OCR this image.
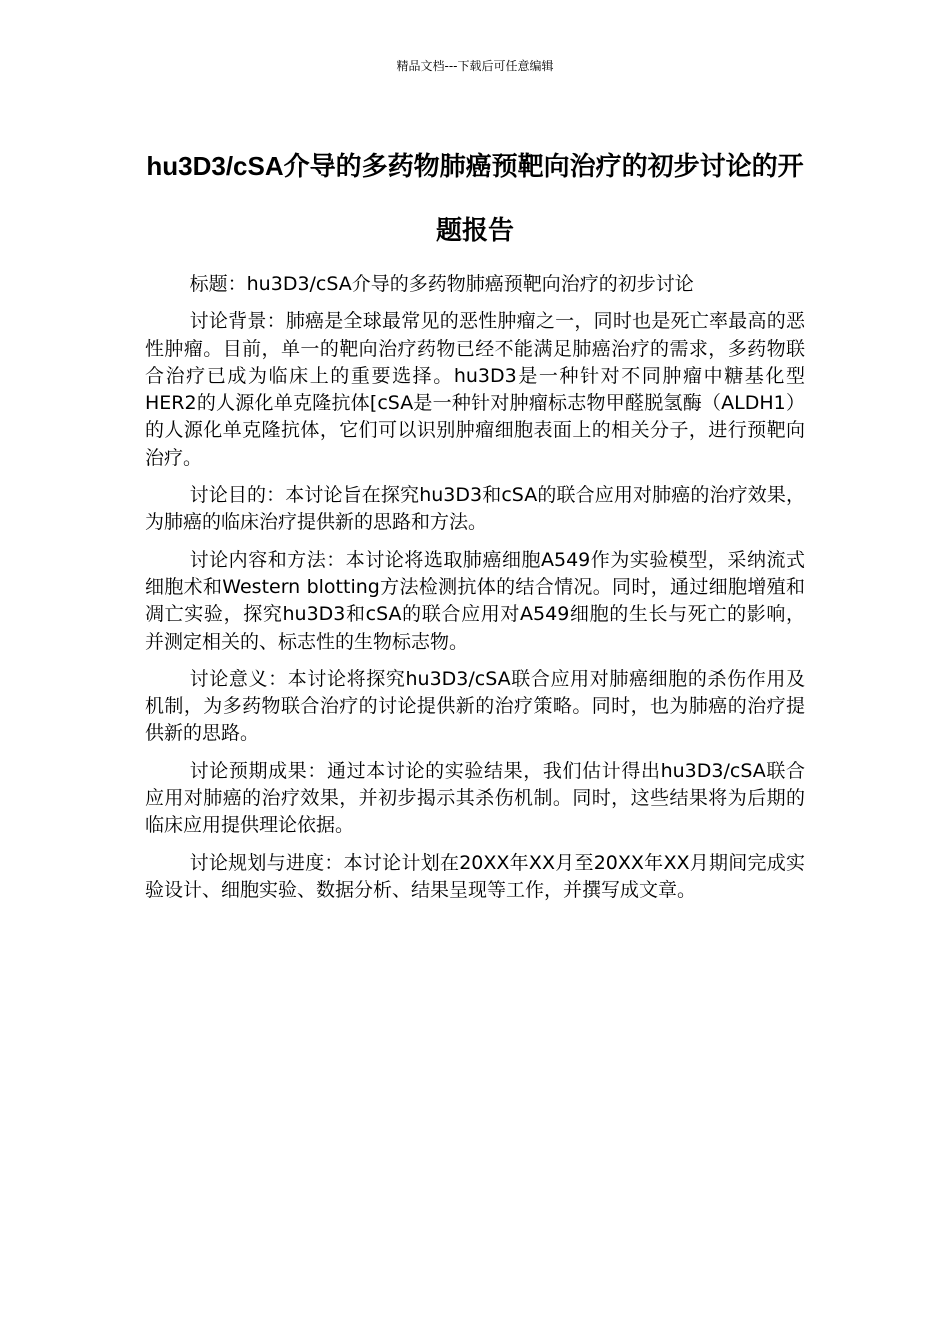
精品文档---下载后可任意编辑
hu3D3/cSA介导的多药物肺癌预靶向治疗的初步讨论的开题报告

标题：hu3D3/cSA介导的多药物肺癌预靶向治疗的初步讨论

讨论背景：肺癌是全球最常见的恶性肿瘤之一，同时也是死亡率最高的恶性肿瘤。目前，单一的靶向治疗药物已经不能满足肺癌治疗的需求，多药物联合治疗已成为临床上的重要选择。hu3D3是一种针对不同肿瘤中糖基化型HER2的人源化单克隆抗体[cSA是一种针对肿瘤标志物甲醛脱氢酶（ALDH1）的人源化单克隆抗体，它们可以识别肿瘤细胞表面上的相关分子，进行预靶向治疗。

讨论目的：本讨论旨在探究hu3D3和cSA的联合应用对肺癌的治疗效果，为肺癌的临床治疗提供新的思路和方法。

讨论内容和方法：本讨论将选取肺癌细胞A549作为实验模型，采纳流式细胞术和Western blotting方法检测抗体的结合情况。同时，通过细胞增殖和凋亡实验，探究hu3D3和cSA的联合应用对A549细胞的生长与死亡的影响，并测定相关的、标志性的生物标志物。

讨论意义：本讨论将探究hu3D3/cSA联合应用对肺癌细胞的杀伤作用及机制，为多药物联合治疗的讨论提供新的治疗策略。同时，也为肺癌的治疗提供新的思路。

讨论预期成果：通过本讨论的实验结果，我们估计得出hu3D3/cSA联合应用对肺癌的治疗效果，并初步揭示其杀伤机制。同时，这些结果将为后期的临床应用提供理论依据。

讨论规划与进度：本讨论计划在20XX年XX月至20XX年XX月期间完成实验设计、细胞实验、数据分析、结果呈现等工作，并撰写成文章。
